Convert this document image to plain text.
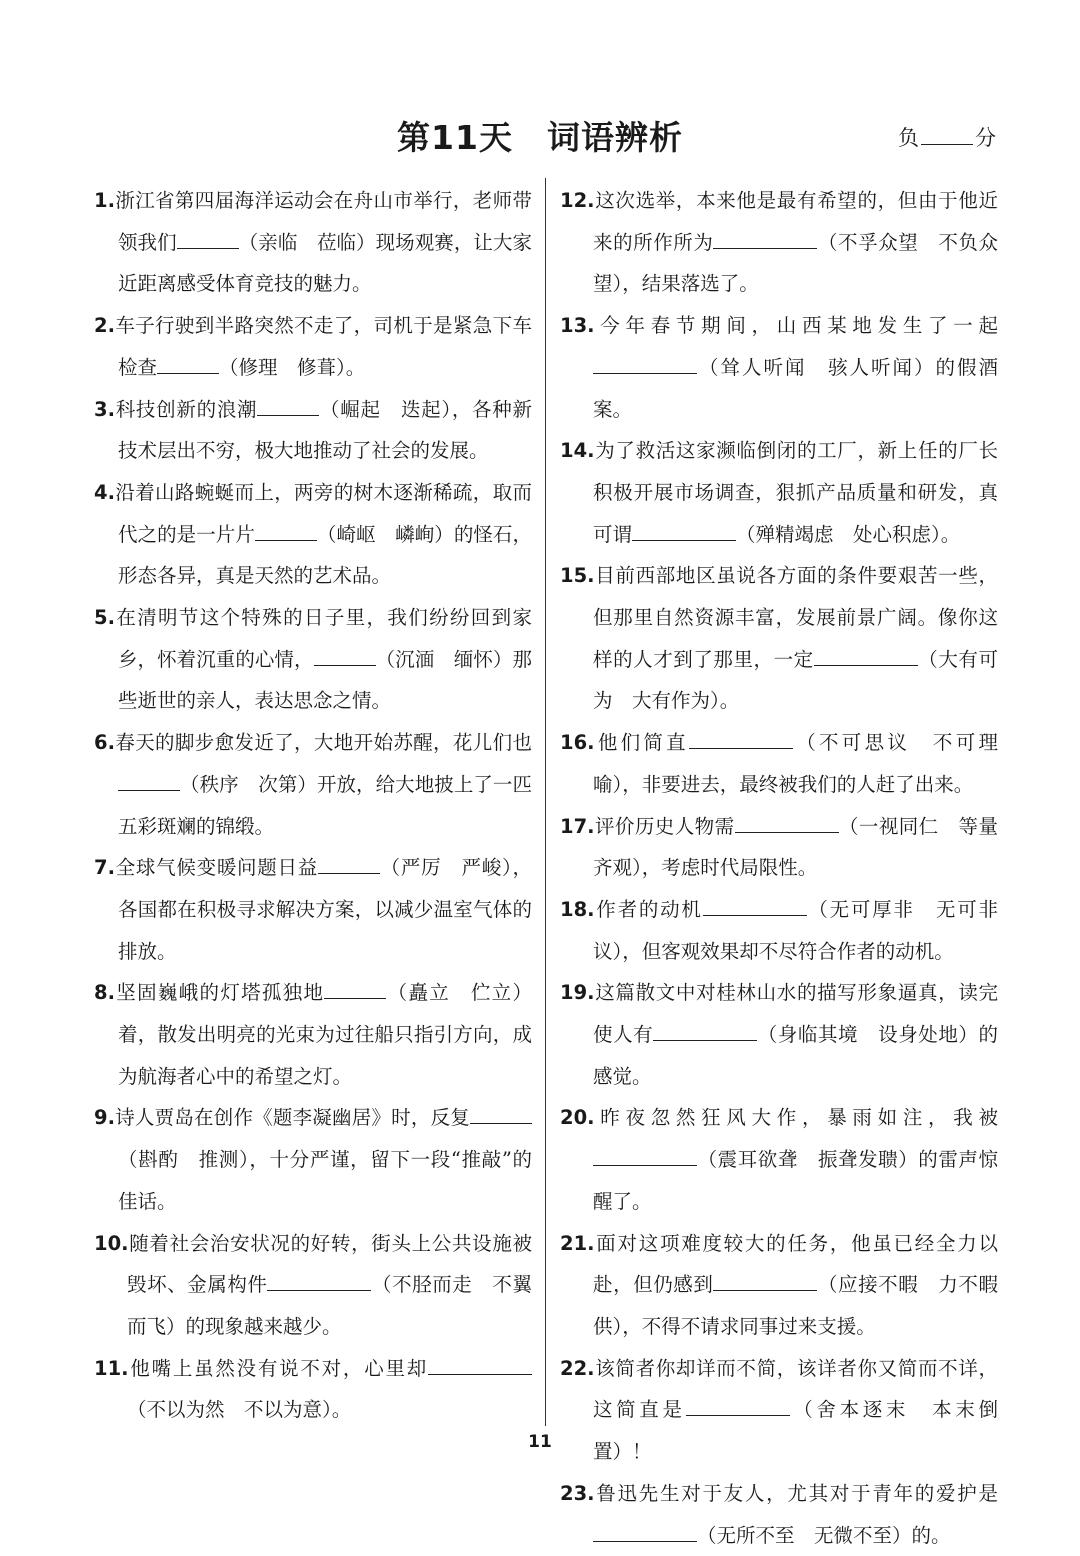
第11天　词语辨析	负	分
1.浙江省第四届海洋运动会在舟山市举行，老师带领我们	（亲临　莅临）现场观赛，让大家近距离感受体育竞技的魅力。
2.车子行驶到半路突然不走了，司机于是紧急下车检查	（修理　修葺）。
3.科技创新的浪潮	（崛起　迭起），各种新技术层出不穷，极大地推动了社会的发展。
4.沿着山路蜿蜒而上，两旁的树木逐渐稀疏，取而代之的是一片片	（崎岖　嶙峋）的怪石，形态各异，真是天然的艺术品。
5.在清明节这个特殊的日子里，我们纷纷回到家乡，怀着沉重的心情，	（沉湎　缅怀）那些逝世的亲人，表达思念之情。
6.春天的脚步愈发近了，大地开始苏醒，花儿们也（秩序　次第）开放，给大地披上了一匹五彩斑斓的锦缎。
7.全球气候变暖问题日益	（严厉　严峻），各国都在积极寻求解决方案，以减少温室气体的排放。
8.坚固巍峨的灯塔孤独地	（矗立　伫立）着，散发出明亮的光束为过往船只指引方向，成为航海者心中的希望之灯。
9.诗人贾岛在创作《题李凝幽居》时，反复（斟酌　推测），十分严谨，留下一段“推敲”的佳话。
10.随着社会治安状况的好转，街头上公共设施被毁坏、金属构件	（不胫而走　不翼而飞）的现象越来越少。
11.他嘴上虽然没有说不对，心里却（不以为然　不以为意）。
12.这次选举，本来他是最有希望的，但由于他近来的所作所为	（不孚众望　不负众望），结果落选了。
13.今年春节期间，山西某地发生了一起（耸人听闻　骇人听闻）的假酒案。
14.为了救活这家濒临倒闭的工厂，新上任的厂长积极开展市场调查，狠抓产品质量和研发，真可谓	（殚精竭虑　处心积虑）。
15.目前西部地区虽说各方面的条件要艰苦一些，但那里自然资源丰富，发展前景广阔。像你这样的人才到了那里，一定	（大有可为　大有作为）。
16.他们简直	（不可思议　不可理喻），非要进去，最终被我们的人赶了出来。
17.评价历史人物需	（一视同仁　等量齐观），考虑时代局限性。
18.作者的动机	（无可厚非　无可非议），但客观效果却不尽符合作者的动机。
19.这篇散文中对桂林山水的描写形象逼真，读完使人有	（身临其境　设身处地）的感觉。
20.昨夜忽然狂风大作，暴雨如注，我被（震耳欲聋　振聋发聩）的雷声惊醒了。
21.面对这项难度较大的任务，他虽已经全力以赴，但仍感到	（应接不暇　力不暇供），不得不请求同事过来支援。
22.该简者你却详而不简，该详者你又简而不详，这简直是	（舍本逐末　本末倒置）！
23.鲁迅先生对于友人，尤其对于青年的爱护是（无所不至　无微不至）的。
11
